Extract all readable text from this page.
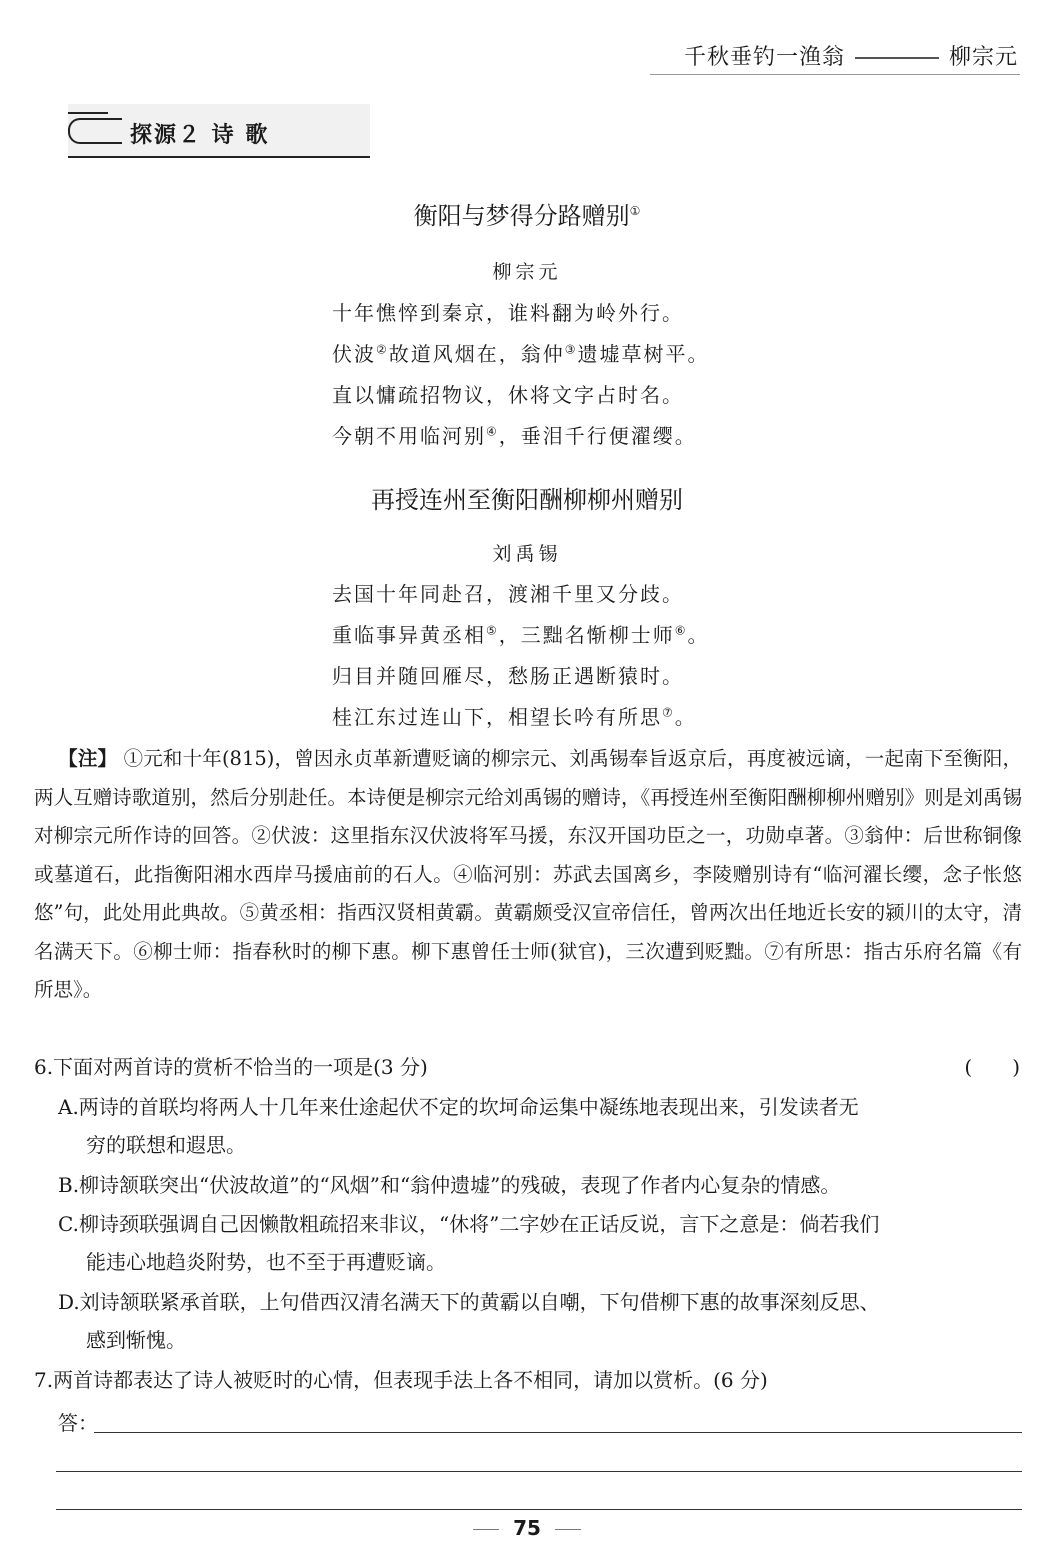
千秋垂钓一渔翁	柳宗元
探源２ 诗 歌
衡阳与梦得分路赠别①
柳宗元
十年憔悴到秦京，谁料翻为岭外行。
伏波②故道风烟在，翁仲③遗墟草树平。
直以慵疏招物议，休将文字占时名。
今朝不用临河别④，垂泪千行便濯缨。
再授连州至衡阳酬柳柳州赠别
刘禹锡
去国十年同赴召，渡湘千里又分歧。
重临事异黄丞相⑤，三黜名惭柳士师⑥。
归目并随回雁尽，愁肠正遇断猿时。
桂江东过连山下，相望长吟有所思⑦。
【注】 ①元和十年(815)，曾因永贞革新遭贬谪的柳宗元、刘禹锡奉旨返京后，再度被远谪，一起南下至衡阳，两人互赠诗歌道别，然后分别赴任。本诗便是柳宗元给刘禹锡的赠诗，《再授连州至衡阳酬柳柳州赠别》则是刘禹锡对柳宗元所作诗的回答。②伏波：这里指东汉伏波将军马援，东汉开国功臣之一，功勋卓著。③翁仲：后世称铜像或墓道石，此指衡阳湘水西岸马援庙前的石人。④临河别：苏武去国离乡，李陵赠别诗有“临河濯长缨，念子怅悠悠”句，此处用此典故。⑤黄丞相：指西汉贤相黄霸。黄霸颇受汉宣帝信任，曾两次出任地近长安的颍川的太守，清名满天下。⑥柳士师：指春秋时的柳下惠。柳下惠曾任士师(狱官)，三次遭到贬黜。⑦有所思：指古乐府名篇《有所思》。
6.下面对两首诗的赏析不恰当的一项是(3 分)	(　　)
A.两诗的首联均将两人十几年来仕途起伏不定的坎坷命运集中凝练地表现出来，引发读者无
穷的联想和遐思。
B.柳诗颔联突出“伏波故道”的“风烟”和“翁仲遗墟”的残破，表现了作者内心复杂的情感。
C.柳诗颈联强调自己因懒散粗疏招来非议，“休将”二字妙在正话反说，言下之意是：倘若我们
能违心地趋炎附势，也不至于再遭贬谪。
D.刘诗颔联紧承首联，上句借西汉清名满天下的黄霸以自嘲，下句借柳下惠的故事深刻反思、
感到惭愧。
7.两首诗都表达了诗人被贬时的心情，但表现手法上各不相同，请加以赏析。(6 分)
答：
75
